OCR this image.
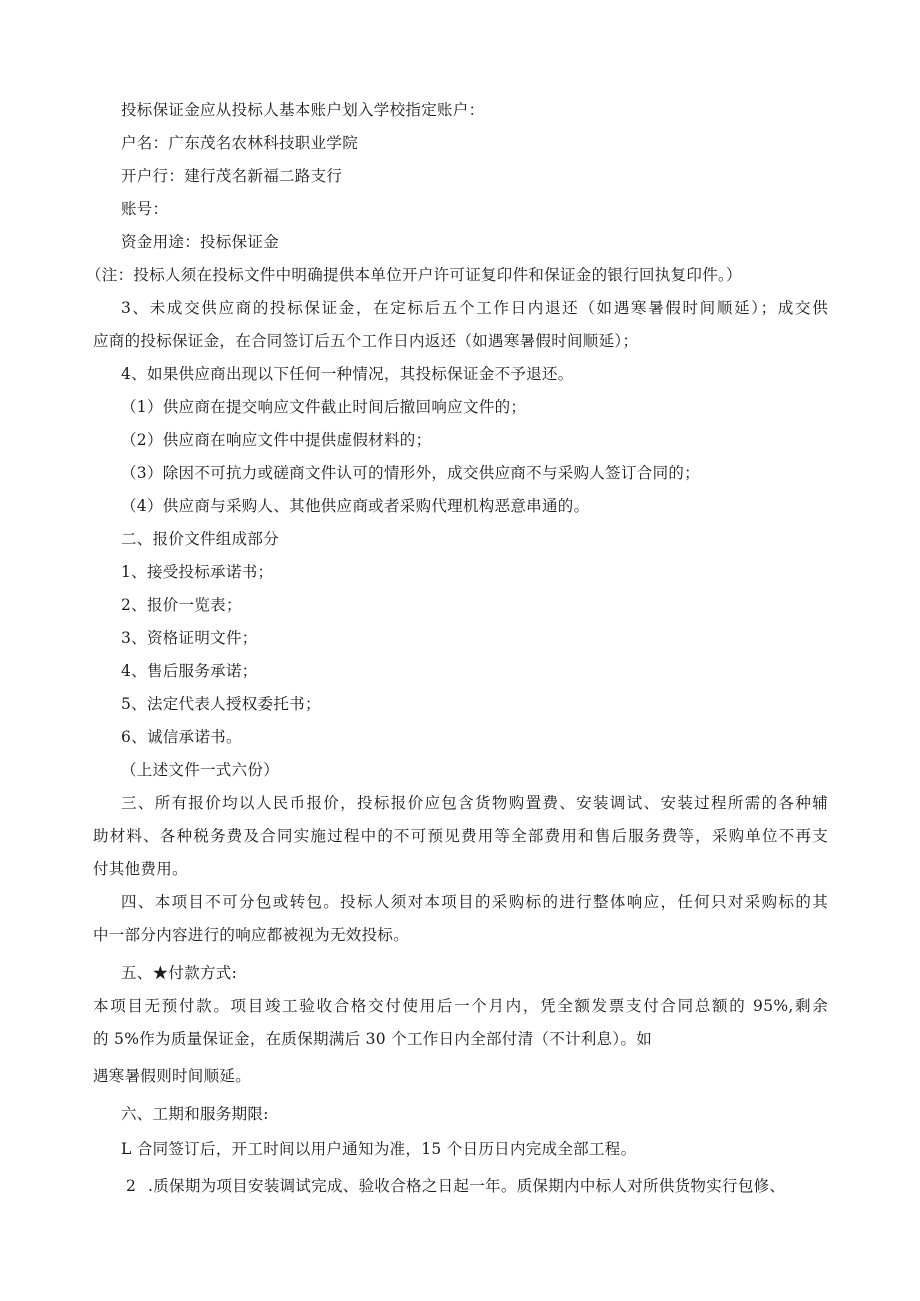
投标保证金应从投标人基本账户划入学校指定账户：
户名：广东茂名农林科技职业学院
开户行：建行茂名新福二路支行
账号：
资金用途：投标保证金
（注：投标人须在投标文件中明确提供本单位开户许可证复印件和保证金的银行回执复印件。）
3、未成交供应商的投标保证金，在定标后五个工作日内退还（如遇寒暑假时间顺延）；成交供
应商的投标保证金，在合同签订后五个工作日内返还（如遇寒暑假时间顺延）；
4、如果供应商出现以下任何一种情况，其投标保证金不予退还。
（1）供应商在提交响应文件截止时间后撤回响应文件的；
（2）供应商在响应文件中提供虚假材料的；
（3）除因不可抗力或磋商文件认可的情形外，成交供应商不与采购人签订合同的；
（4）供应商与采购人、其他供应商或者采购代理机构恶意串通的。
二、报价文件组成部分
1、接受投标承诺书；
2、报价一览表；
3、资格证明文件；
4、售后服务承诺；
5、法定代表人授权委托书；
6、诚信承诺书。
（上述文件一式六份）
三、所有报价均以人民币报价，投标报价应包含货物购置费、安装调试、安装过程所需的各种辅
助材料、各种税务费及合同实施过程中的不可预见费用等全部费用和售后服务费等，采购单位不再支
付其他费用。
四、本项目不可分包或转包。投标人须对本项目的采购标的进行整体响应，任何只对采购标的其
中一部分内容进行的响应都被视为无效投标。
五、★付款方式:
本项目无预付款。项目竣工验收合格交付使用后一个月内，凭全额发票支付合同总额的 95%,剩余
的 5%作为质量保证金，在质保期满后 30 个工作日内全部付清（不计利息）。如
遇寒暑假则时间顺延。
六、工期和服务期限:
L 合同签订后，开工时间以用户通知为准，15 个日历日内完成全部工程。
2 .质保期为项目安装调试完成、验收合格之日起一年。质保期内中标人对所供货物实行包修、
